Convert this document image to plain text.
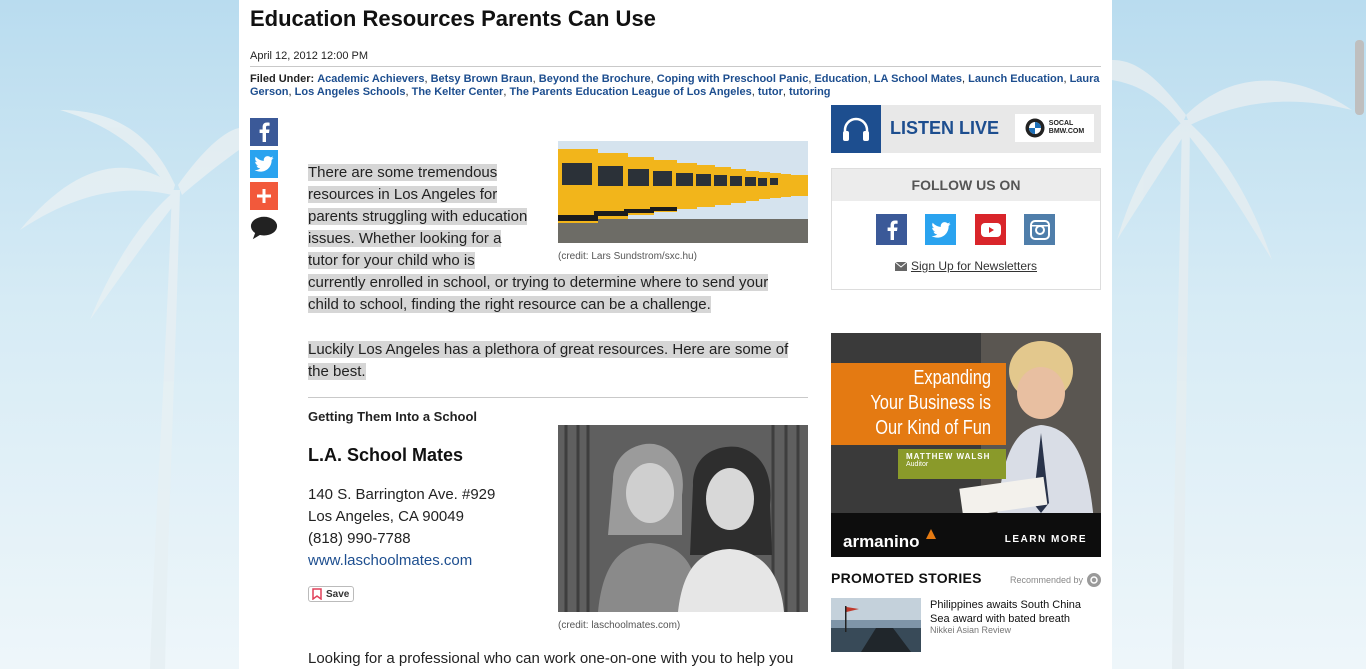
Education Resources Parents Can Use
April 12, 2012 12:00 PM
Filed Under: Academic Achievers, Betsy Brown Braun, Beyond the Brochure, Coping with Preschool Panic, Education, LA School Mates, Launch Education, Laura Gerson, Los Angeles Schools, The Kelter Center, The Parents Education League of Los Angeles, tutor, tutoring
There are some tremendous
resources in Los Angeles for
parents struggling with education
issues. Whether looking for a
tutor for your child who is
currently enrolled in school, or trying to determine where to send your
child to school, finding the right resource can be a challenge.
(credit: Lars Sundstrom/sxc.hu)
Luckily Los Angeles has a plethora of great resources. Here are some of
the best.
Getting Them Into a School
L.A. School Mates
140 S. Barrington Ave. #929
Los Angeles, CA 90049
(818) 990-7788
www.laschoolmates.com
Save
(credit: laschoolmates.com)
Looking for a professional who can work one-on-one with you to help you
LISTEN LIVE	SOCAL
BMW.COM
FOLLOW US ON
Sign Up for Newsletters
Expanding
Your Business is
Our Kind of Fun
MATTHEW WALSH
Auditor
armanino	LEARN MORE
PROMOTED STORIES	Recommended by
Philippines awaits South China
Sea award with bated breath
Nikkei Asian Review
